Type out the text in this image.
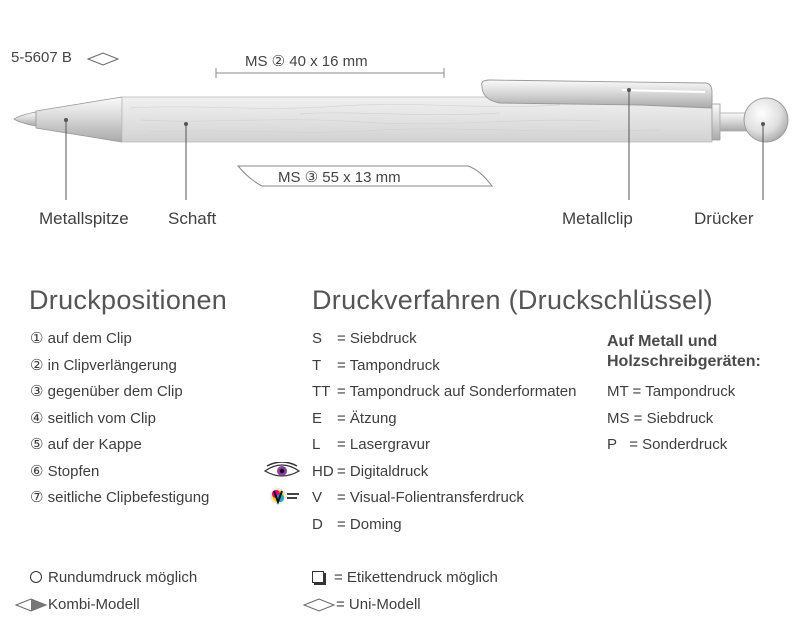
5-5607 B	MS ② 40 x 16 mm
MS ③ 55 x 13 mm
Metallspitze Schaft	Metallclip	Drücker
Druckpositionen
① auf dem Clip
② in Clipverlängerung
③ gegenüber dem Clip
④ seitlich vom Clip
⑤ auf der Kappe
⑥ Stopfen
⑦ seitliche Clipbefestigung
Druckverfahren (Druckschlüssel)
S = Siebdruck
T = Tampondruck
TT = Tampondruck auf Sonderformaten
E = Ätzung
L = Lasergravur
HD = Digitaldruck
V = Visual-Folientransferdruck
D = Doming
Auf Metall und
Holzschreibgeräten:
MT = Tampondruck
MS = Siebdruck
P   = Sonderdruck
Rundumdruck möglich
Kombi-Modell
= Etikettendruck möglich
= Uni-Modell
